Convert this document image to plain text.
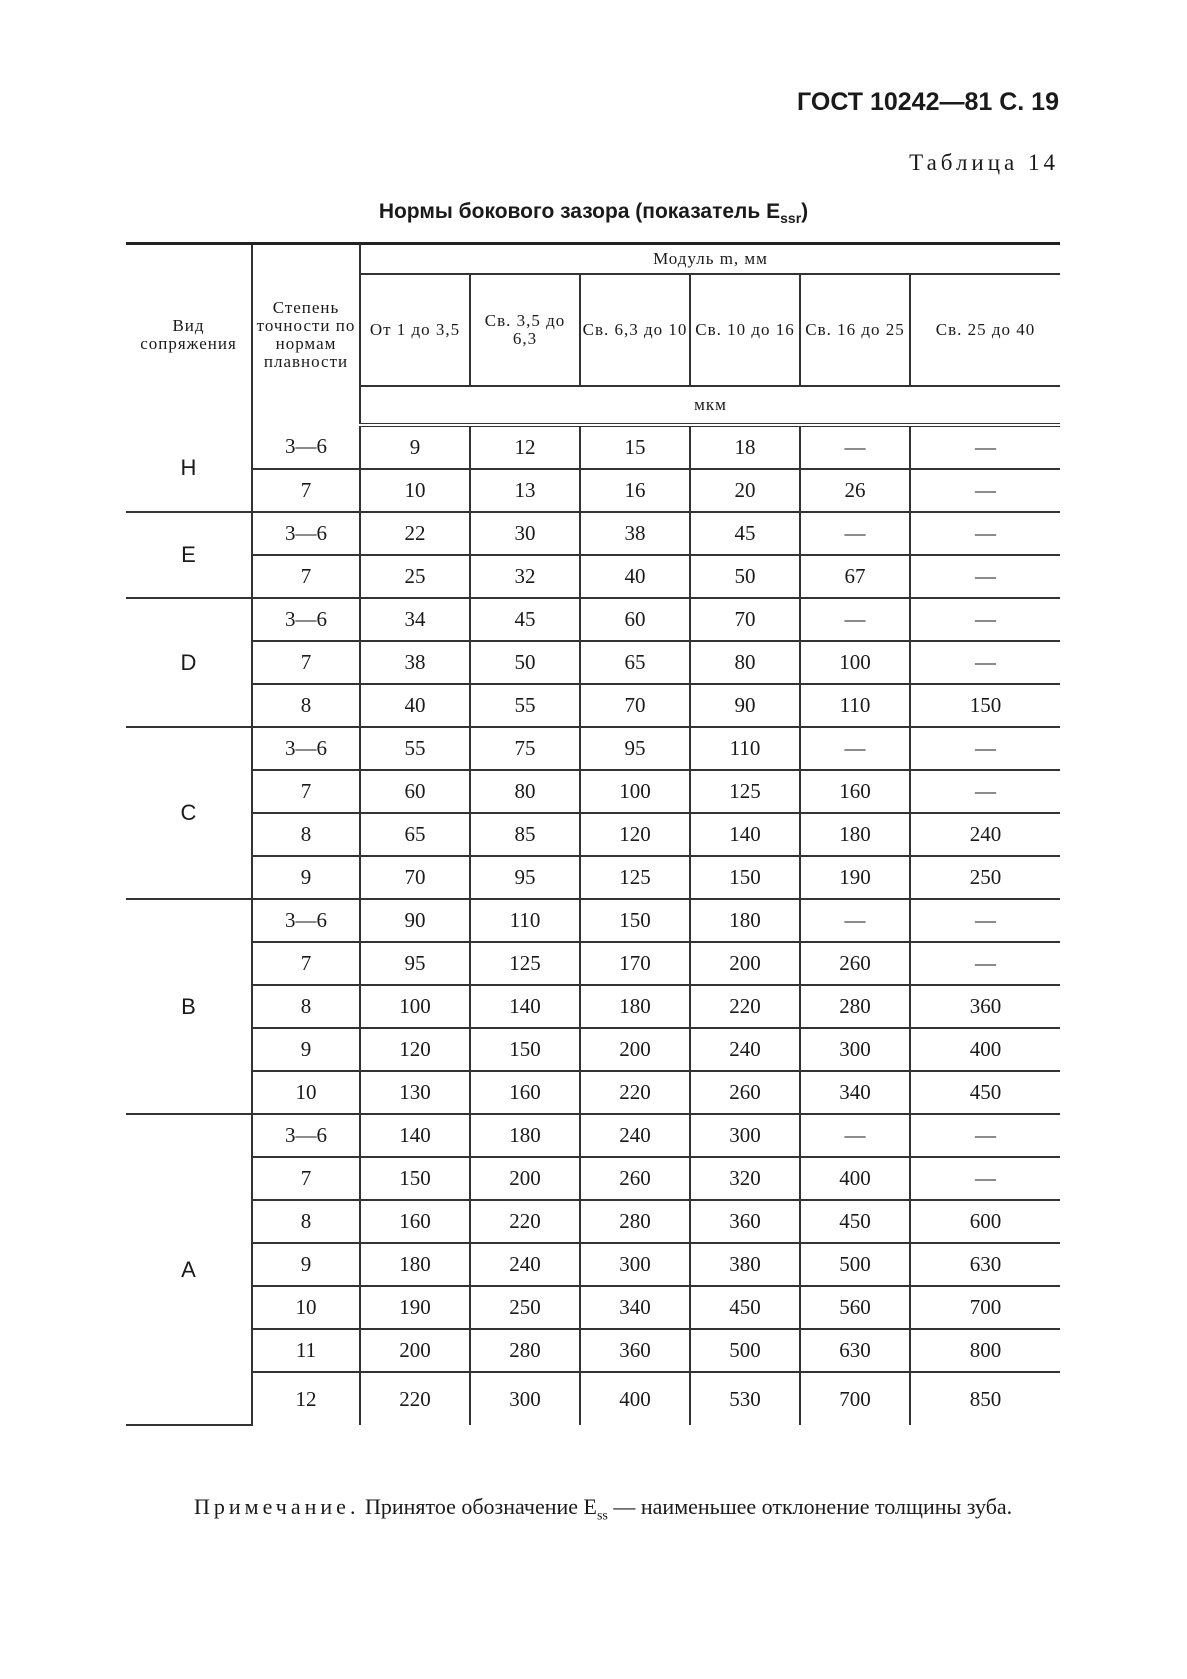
ГОСТ 10242—81 С. 19
Таблица 14
Нормы бокового зазора (показатель $E_{ssr}$)
Вид сопряжения	Степень точности по нормам плавности	Модуль m, мм					
		От 1 до 3,5	Св. 3,5 до 6,3	Св. 6,3 до 10	Св. 10 до 16	Св. 16 до 25	Св. 25 до 40
		мкм					
H	3—6	9	12	15	18	—	—
	7	10	13	16	20	26	—
E	3—6	22	30	38	45	—	—
	7	25	32	40	50	67	—
D	3—6	34	45	60	70	—	—
	7	38	50	65	80	100	—
	8	40	55	70	90	110	150
C	3—6	55	75	95	110	—	—
	7	60	80	100	125	160	—
	8	65	85	120	140	180	240
	9	70	95	125	150	190	250
B	3—6	90	110	150	180	—	—
	7	95	125	170	200	260	—
	8	100	140	180	220	280	360
	9	120	150	200	240	300	400
	10	130	160	220	260	340	450
A	3—6	140	180	240	300	—	—
	7	150	200	260	320	400	—
	8	160	220	280	360	450	600
	9	180	240	300	380	500	630
	10	190	250	340	450	560	700
	11	200	280	360	500	630	800
	12	220	300	400	530	700	850
Примечание. Принятое обозначение $E_{ss}$ — наименьшее отклонение толщины зуба.
